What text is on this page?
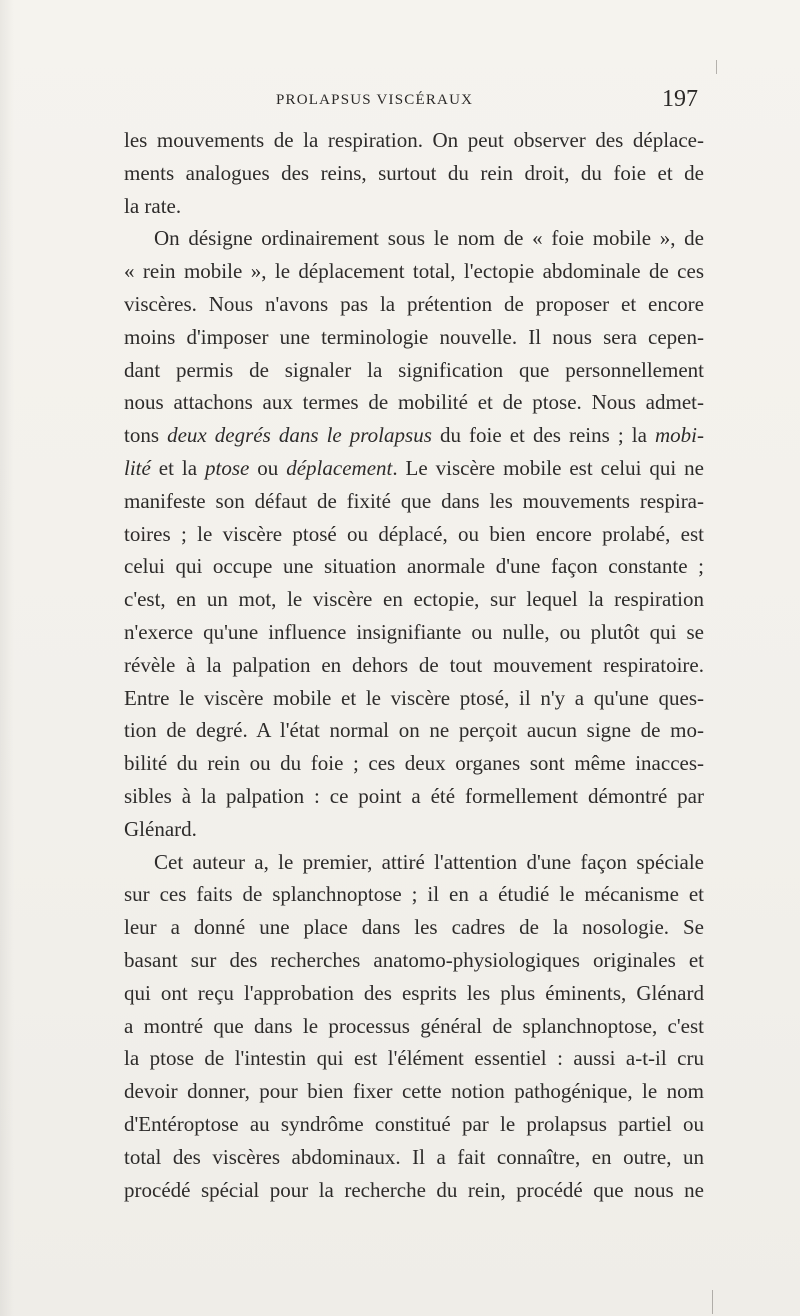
PROLAPSUS VISCÉRAUX	197
les mouvements de la respiration. On peut observer des déplace-
ments analogues des reins, surtout du rein droit, du foie et de
la rate.
On désigne ordinairement sous le nom de « foie mobile », de
« rein mobile », le déplacement total, l'ectopie abdominale de ces
viscères. Nous n'avons pas la prétention de proposer et encore
moins d'imposer une terminologie nouvelle. Il nous sera cepen-
dant permis de signaler la signification que personnellement
nous attachons aux termes de mobilité et de ptose. Nous admet-
tons deux degrés dans le prolapsus du foie et des reins ; la mobi-
lité et la ptose ou déplacement. Le viscère mobile est celui qui ne
manifeste son défaut de fixité que dans les mouvements respira-
toires ; le viscère ptosé ou déplacé, ou bien encore prolabé, est
celui qui occupe une situation anormale d'une façon constante ;
c'est, en un mot, le viscère en ectopie, sur lequel la respiration
n'exerce qu'une influence insignifiante ou nulle, ou plutôt qui se
révèle à la palpation en dehors de tout mouvement respiratoire.
Entre le viscère mobile et le viscère ptosé, il n'y a qu'une ques-
tion de degré. A l'état normal on ne perçoit aucun signe de mo-
bilité du rein ou du foie ; ces deux organes sont même inacces-
sibles à la palpation : ce point a été formellement démontré par
Glénard.
Cet auteur a, le premier, attiré l'attention d'une façon spéciale
sur ces faits de splanchnoptose ; il en a étudié le mécanisme et
leur a donné une place dans les cadres de la nosologie. Se
basant sur des recherches anatomo-physiologiques originales et
qui ont reçu l'approbation des esprits les plus éminents, Glénard
a montré que dans le processus général de splanchnoptose, c'est
la ptose de l'intestin qui est l'élément essentiel : aussi a-t-il cru
devoir donner, pour bien fixer cette notion pathogénique, le nom
d'Entéroptose au syndrôme constitué par le prolapsus partiel ou
total des viscères abdominaux. Il a fait connaître, en outre, un
procédé spécial pour la recherche du rein, procédé que nous ne
